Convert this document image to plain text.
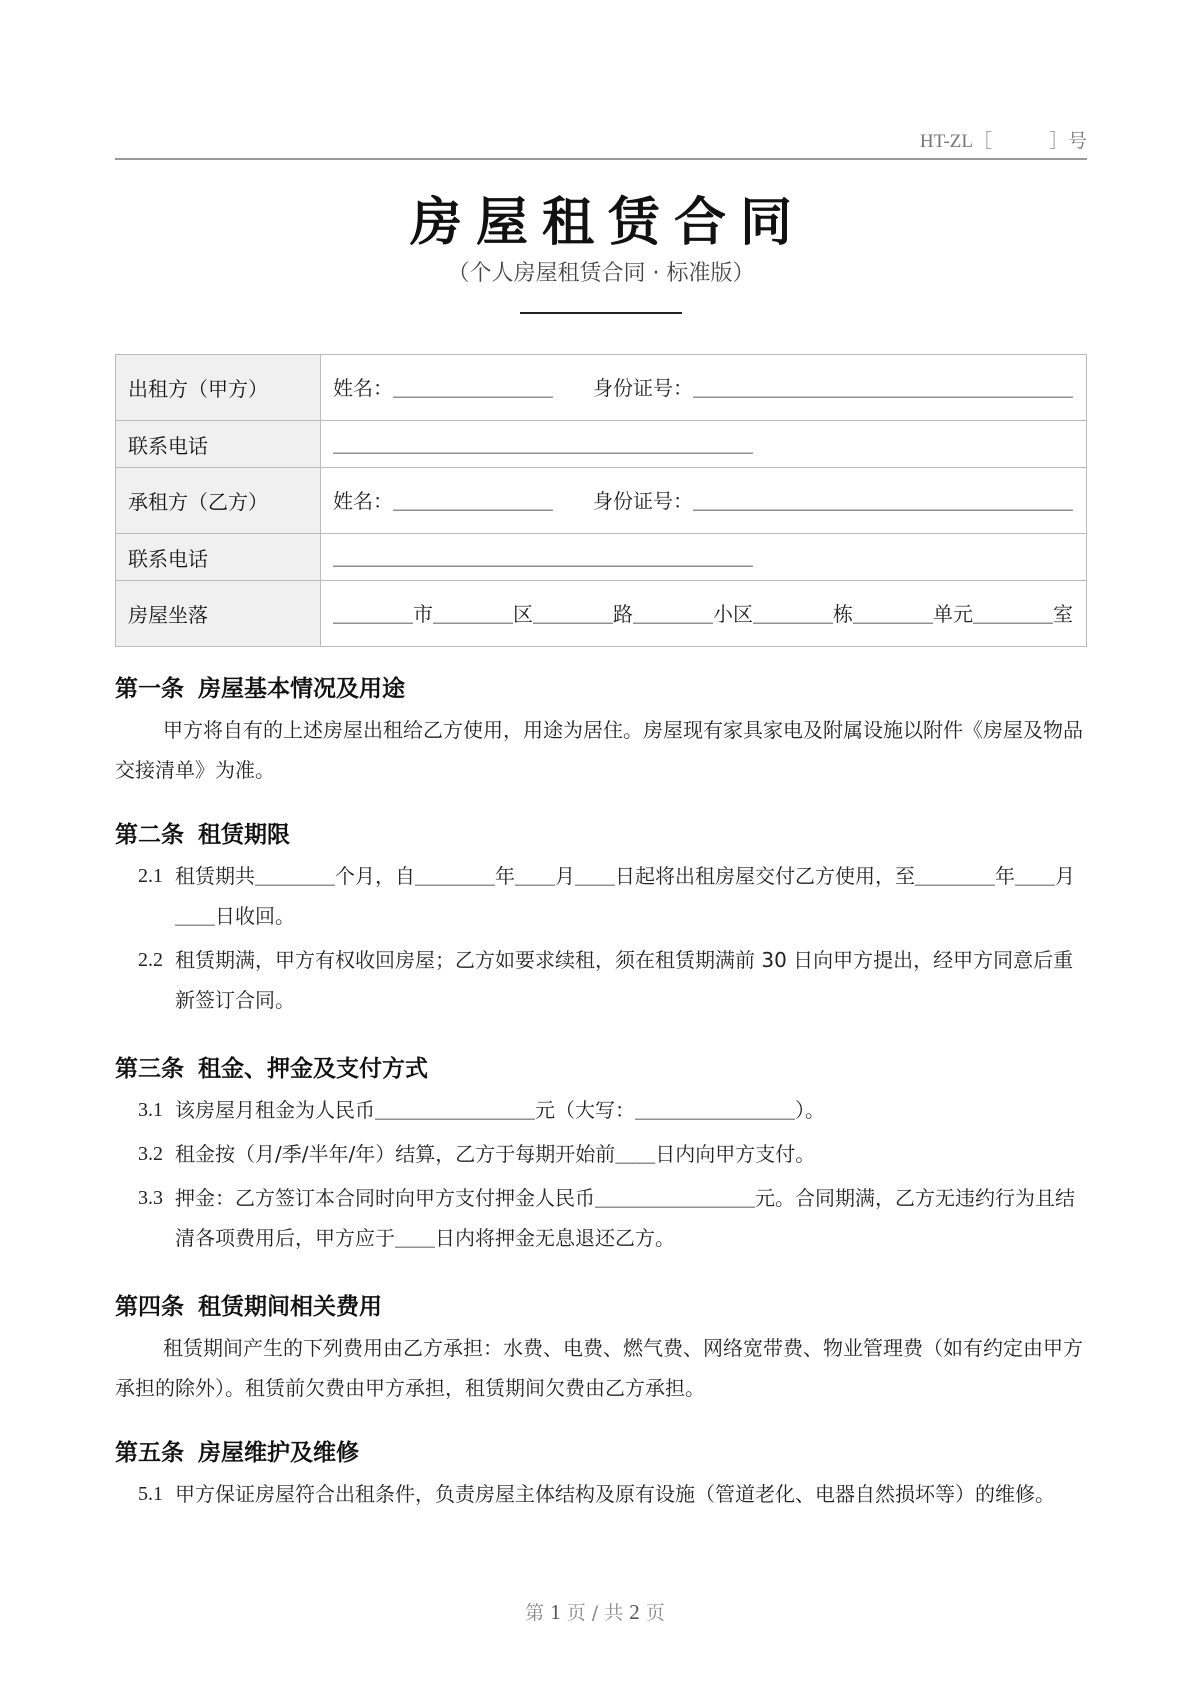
HT-ZL［　　　］号
房屋租赁合同
（个人房屋租赁合同 · 标准版）
出租方（甲方）	姓名：＿＿＿＿＿＿＿＿ 身份证号：＿＿＿＿＿＿＿＿＿＿＿＿＿＿＿＿＿＿＿
联系电话	＿＿＿＿＿＿＿＿＿＿＿＿＿＿＿＿＿＿＿＿＿
承租方（乙方）	姓名：＿＿＿＿＿＿＿＿ 身份证号：＿＿＿＿＿＿＿＿＿＿＿＿＿＿＿＿＿＿＿
联系电话	＿＿＿＿＿＿＿＿＿＿＿＿＿＿＿＿＿＿＿＿＿
房屋坐落	＿＿＿＿市＿＿＿＿区＿＿＿＿路＿＿＿＿小区＿＿＿＿栋＿＿＿＿单元＿＿＿＿室
第一条 房屋基本情况及用途

甲方将自有的上述房屋出租给乙方使用，用途为居住。房屋现有家具家电及附属设施以附件《房屋及物品交接清单》为准。

第二条 租赁期限
2.1 租赁期共＿＿＿＿个月，自＿＿＿＿年＿＿月＿＿日起将出租房屋交付乙方使用，至＿＿＿＿年＿＿月＿＿日收回。
2.2 租赁期满，甲方有权收回房屋；乙方如要求续租，须在租赁期满前 30 日向甲方提出，经甲方同意后重新签订合同。
第三条 租金、押金及支付方式
3.1 该房屋月租金为人民币＿＿＿＿＿＿＿＿元（大写：＿＿＿＿＿＿＿＿）。
3.2 租金按（月/季/半年/年）结算，乙方于每期开始前＿＿日内向甲方支付。
3.3 押金：乙方签订本合同时向甲方支付押金人民币＿＿＿＿＿＿＿＿元。合同期满，乙方无违约行为且结清各项费用后，甲方应于＿＿日内将押金无息退还乙方。
第四条 租赁期间相关费用

租赁期间产生的下列费用由乙方承担：水费、电费、燃气费、网络宽带费、物业管理费（如有约定由甲方承担的除外）。租赁前欠费由甲方承担，租赁期间欠费由乙方承担。

第五条 房屋维护及维修
5.1 甲方保证房屋符合出租条件，负责房屋主体结构及原有设施（管道老化、电器自然损坏等）的维修。
第 1 页 / 共 2 页
